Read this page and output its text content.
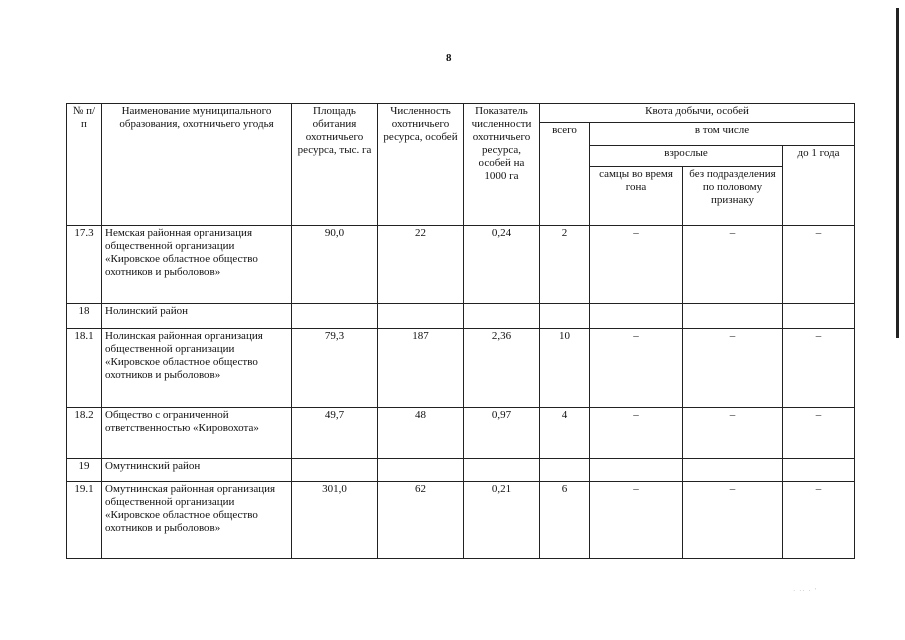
8
№ п/п	Наименование муниципального образования, охотничьего угодья	Площадь обитания охотничьего ресурса, тыс. га	Численность охотничьего ресурса, особей	Показатель численности охотничьего ресурса, особей на 1000 га	Квота добычи, особей			
					всего	в том числе		
						взрослые		до 1 года
						самцы во время гона	без подразделения по половому признаку	
17.3	Немская районная организация общественной организации «Кировское областное общество охотников и рыболовов»	90,0	22	0,24	2	–	–	–
18	Нолинский район							
18.1	Нолинская районная организация общественной организации «Кировское областное общество охотников и рыболовов»	79,3	187	2,36	10	–	–	–
18.2	Общество с ограниченной ответственностью «Кировохота»	49,7	48	0,97	4	–	–	–
19	Омутнинский район							
19.1	Омутнинская районная организация общественной организации «Кировское областное общество охотников и рыболовов»	301,0	62	0,21	6	–	–	–
· ·· · '
